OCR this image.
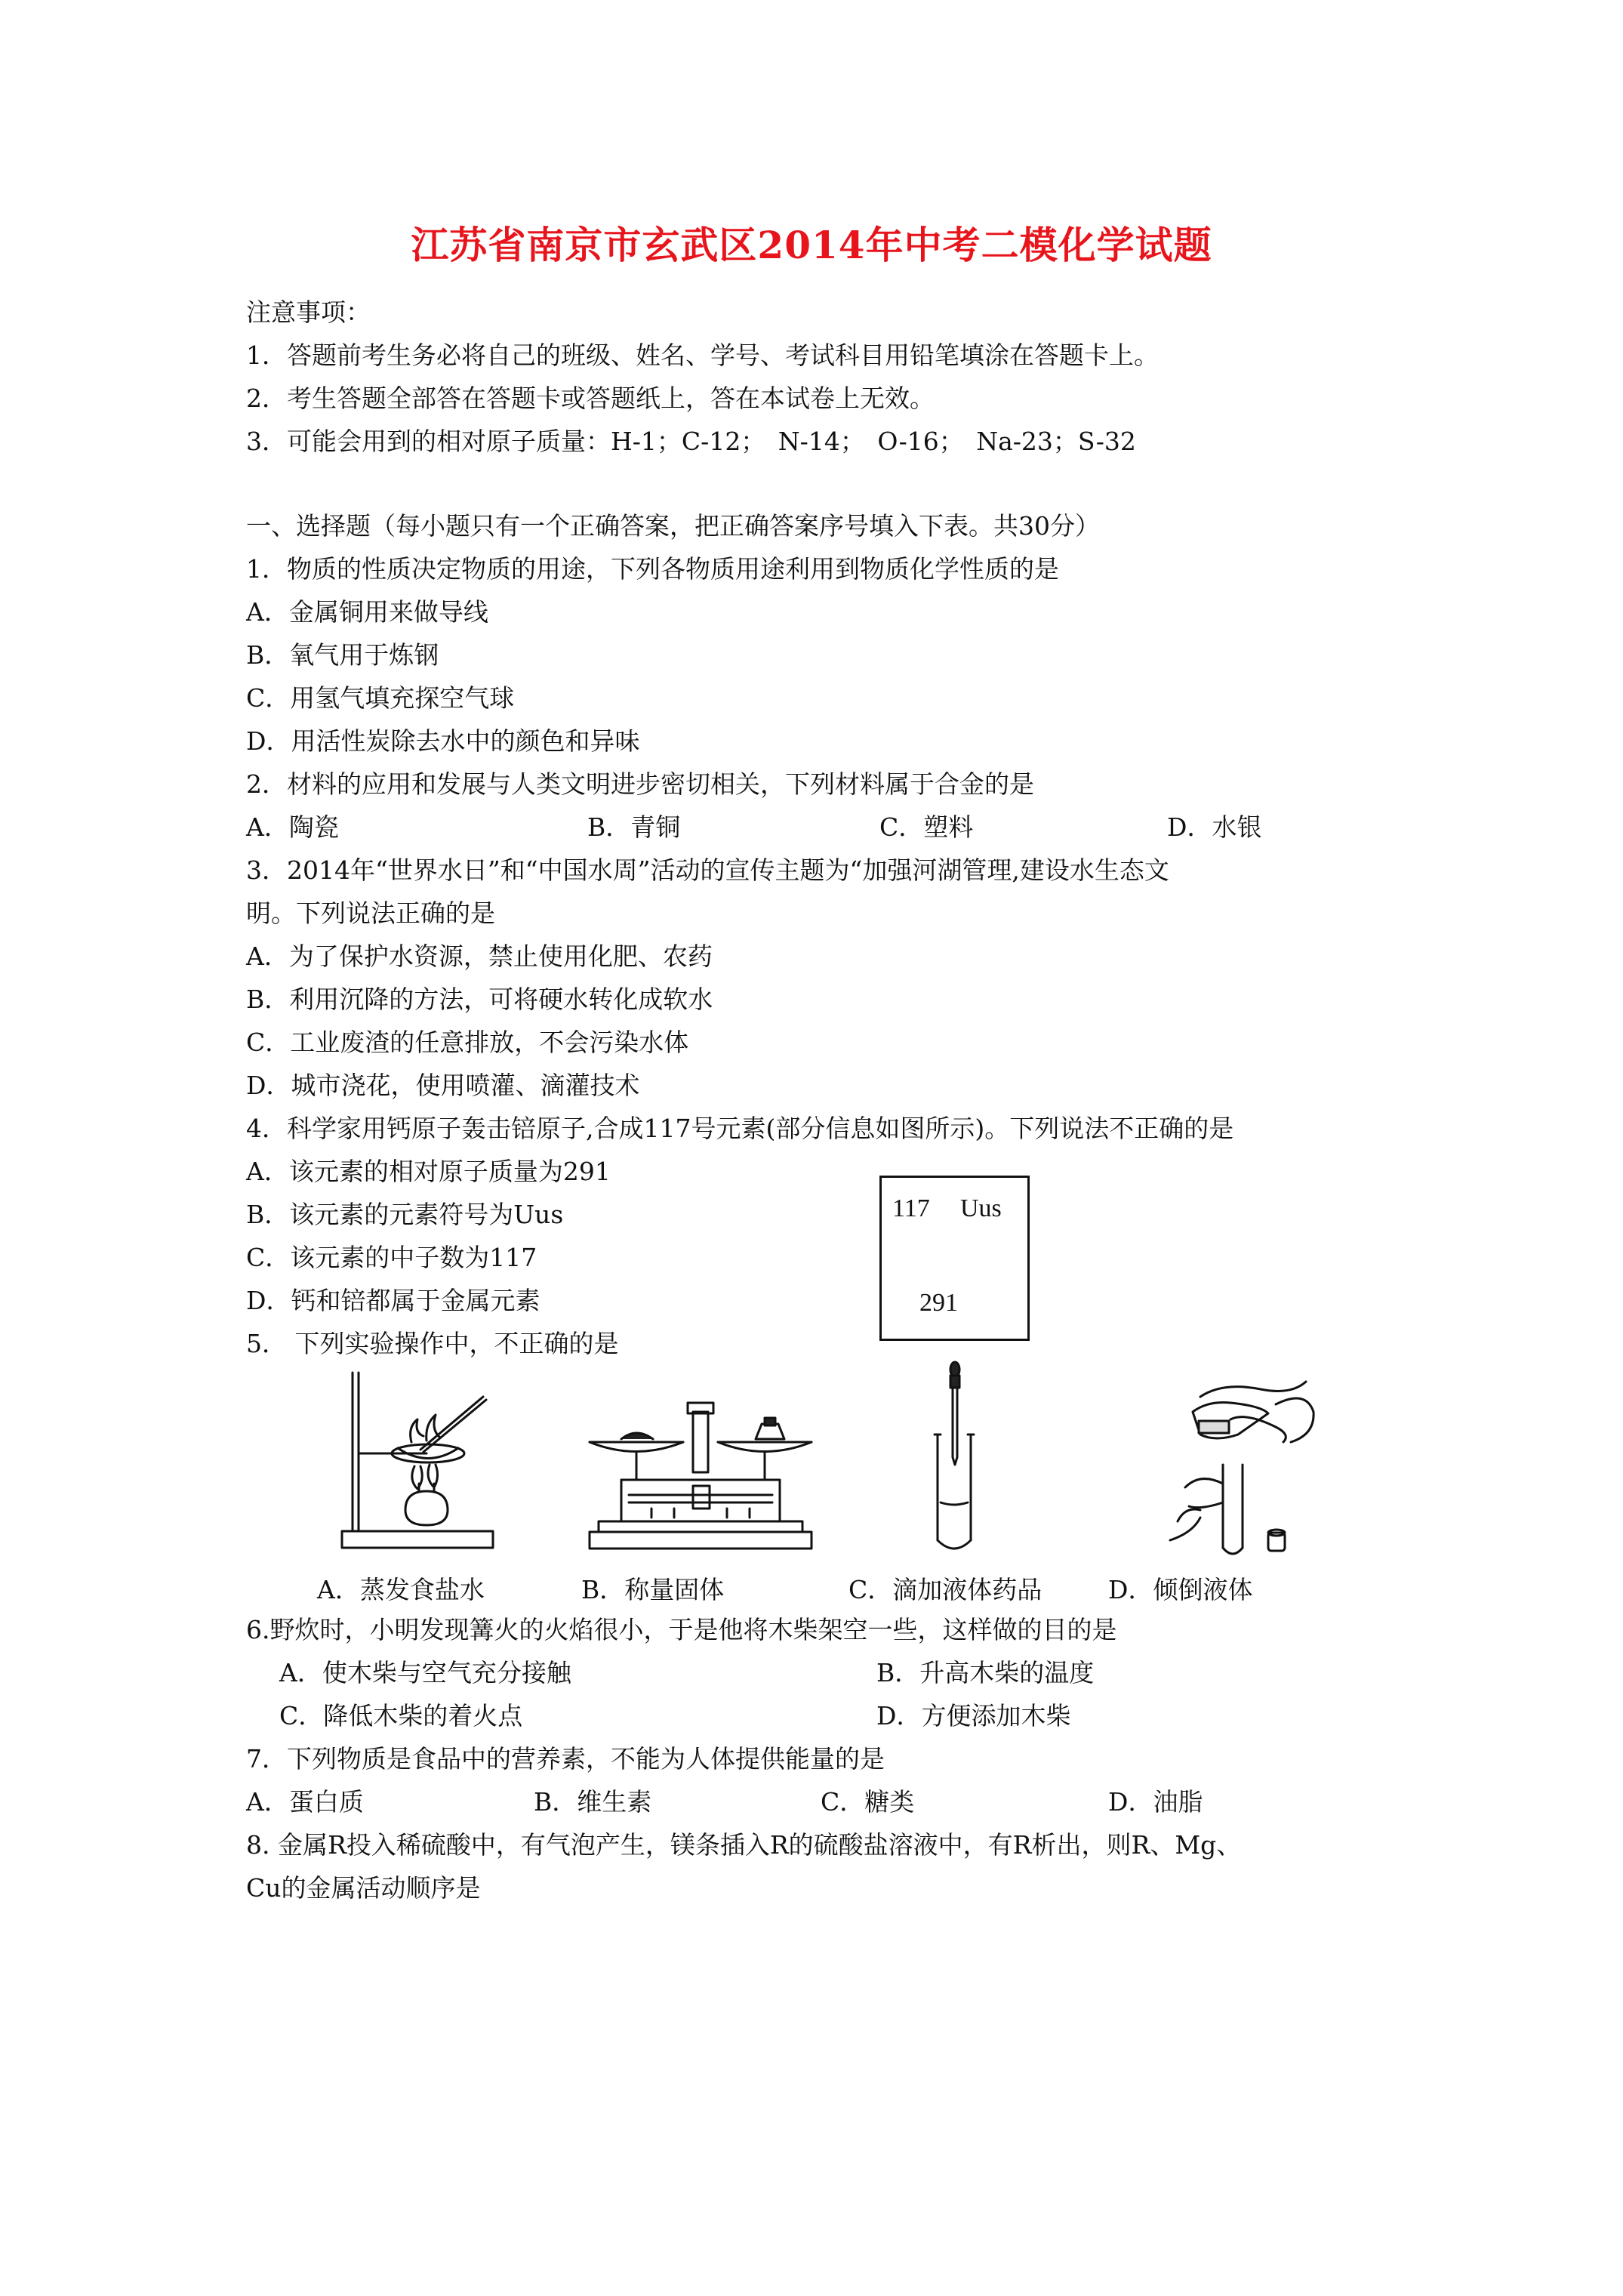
江苏省南京市玄武区2014年中考二模化学试题
注意事项：
1．答题前考生务必将自己的班级、姓名、学号、考试科目用铅笔填涂在答题卡上。
2．考生答题全部答在答题卡或答题纸上，答在本试卷上无效。
3．可能会用到的相对原子质量：H-1；C-12；　N-14；　O-16；　Na-23；S-32
一、选择题（每小题只有一个正确答案，把正确答案序号填入下表。共30分）
1．物质的性质决定物质的用途，下列各物质用途利用到物质化学性质的是
A．金属铜用来做导线
B．氧气用于炼钢
C．用氢气填充探空气球
D．用活性炭除去水中的颜色和异味
2．材料的应用和发展与人类文明进步密切相关，下列材料属于合金的是
A．陶瓷	B．青铜	C．塑料	D．水银
3．2014年“世界水日”和“中国水周”活动的宣传主题为“加强河湖管理,建设水生态文
明。下列说法正确的是
A．为了保护水资源，禁止使用化肥、农药
B．利用沉降的方法，可将硬水转化成软水
C．工业废渣的任意排放，不会污染水体
D．城市浇花，使用喷灌、滴灌技术
4．科学家用钙原子轰击锫原子,合成117号元素(部分信息如图所示)。下列说法不正确的是
A．该元素的相对原子质量为291
B．该元素的元素符号为Uus
C．该元素的中子数为117
D．钙和锫都属于金属元素
117 Uus
291
5． 下列实验操作中，不正确的是
A．蒸发食盐水	B．称量固体	C．滴加液体药品	D．倾倒液体
6.野炊时，小明发现篝火的火焰很小，于是他将木柴架空一些，这样做的目的是
A．使木柴与空气充分接触	B．升高木柴的温度
C．降低木柴的着火点	D．方便添加木柴
7．下列物质是食品中的营养素，不能为人体提供能量的是
A．蛋白质	B．维生素	C．糖类	D．油脂
8. 金属R投入稀硫酸中，有气泡产生，镁条插入R的硫酸盐溶液中，有R析出，则R、Mg、
Cu的金属活动顺序是
